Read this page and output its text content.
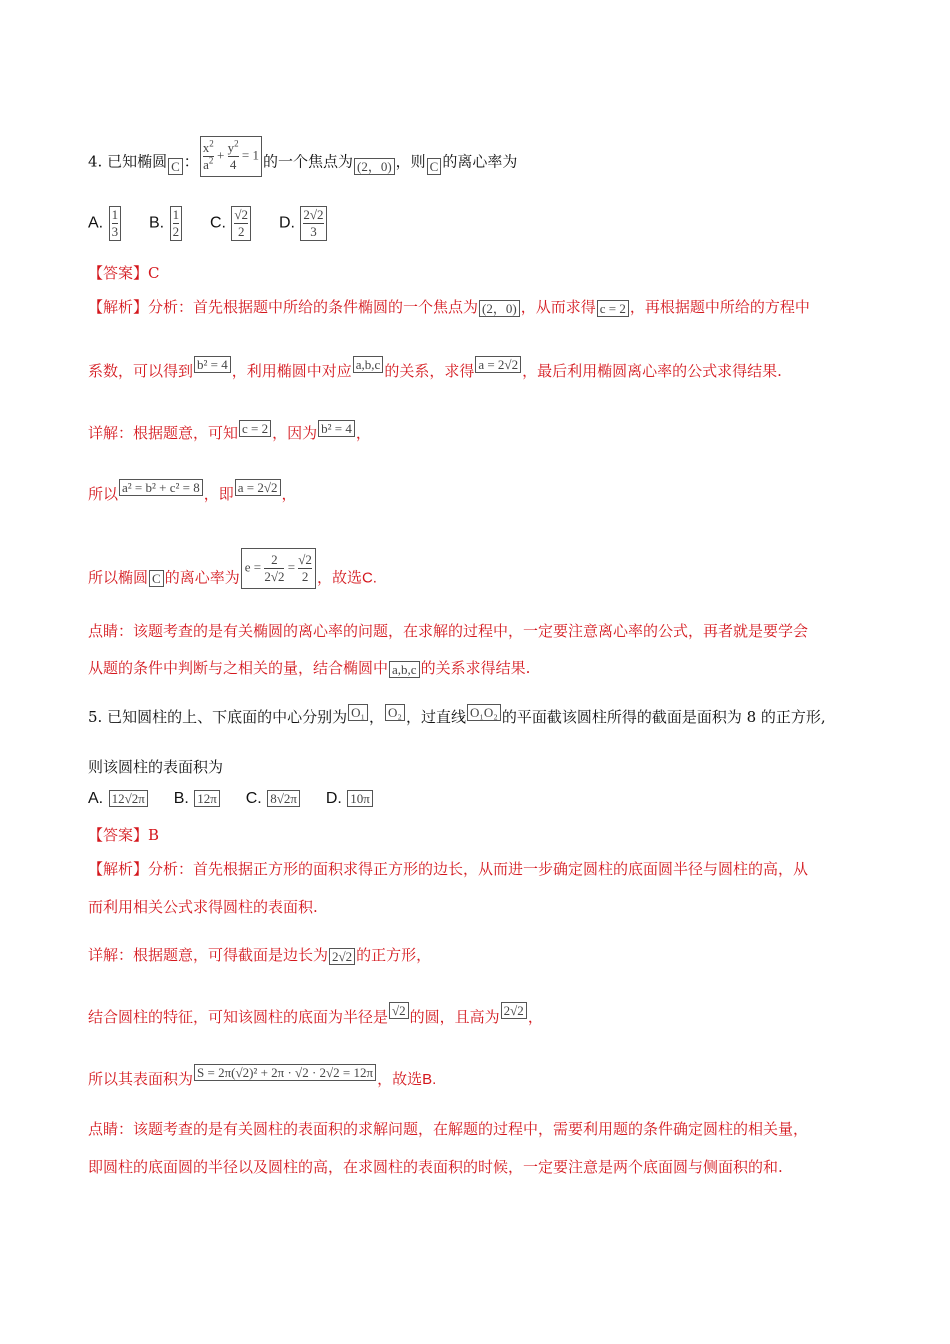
4. 已知椭圆 C ： $\frac{x^2}{a^2} + \frac{y^2}{4} = 1$ 的一个焦点为 (2，0) ，则 C 的离心率为
A. $\frac{1}{3} B$. $\frac{1}{2} C$. $\frac{√2}{2} D$. $\frac{2√2}{3}$
【答案】C
【解析】分析：首先根据题中所给的条件椭圆的一个焦点为 (2，0) ，从而求得 c = 2 ，再根据题中所给的方程中
系数，可以得到 b² = 4 ，利用椭圆中对应 a,b,c 的关系，求得 a = 2√2 ，最后利用椭圆离心率的公式求得结果.
详解：根据题意，可知 c = 2 ，因为 b² = 4 ，
所以 a² = b² + c² = 8 ，即 a = 2√2 ，
所以椭圆 C 的离心率为$e = \frac{2}{2√2} = \frac{√2}{2}$ ，故选C.
点睛：该题考查的是有关椭圆的离心率的问题，在求解的过程中，一定要注意离心率的公式，再者就是要学会
从题的条件中判断与之相关的量，结合椭圆中 a,b,c 的关系求得结果.
5. 已知圆柱的上、下底面的中心分别为 O₁ ， O₂ ，过直线 O₁O₂ 的平面截该圆柱所得的截面是面积为 8 的正方形,
则该圆柱的表面积为
A. 12√2π B. 12π C. 8√2π D. 10π
【答案】B
【解析】分析：首先根据正方形的面积求得正方形的边长，从而进一步确定圆柱的底面圆半径与圆柱的高，从
而利用相关公式求得圆柱的表面积.
详解：根据题意，可得截面是边长为 2√2 的正方形，
结合圆柱的特征，可知该圆柱的底面为半径是 √2 的圆，且高为 2√2 ，
所以其表面积为 S = 2π(√2)² + 2π · √2 · 2√2 = 12π ，故选B.
点睛：该题考查的是有关圆柱的表面积的求解问题，在解题的过程中，需要利用题的条件确定圆柱的相关量，
即圆柱的底面圆的半径以及圆柱的高，在求圆柱的表面积的时候，一定要注意是两个底面圆与侧面积的和.
